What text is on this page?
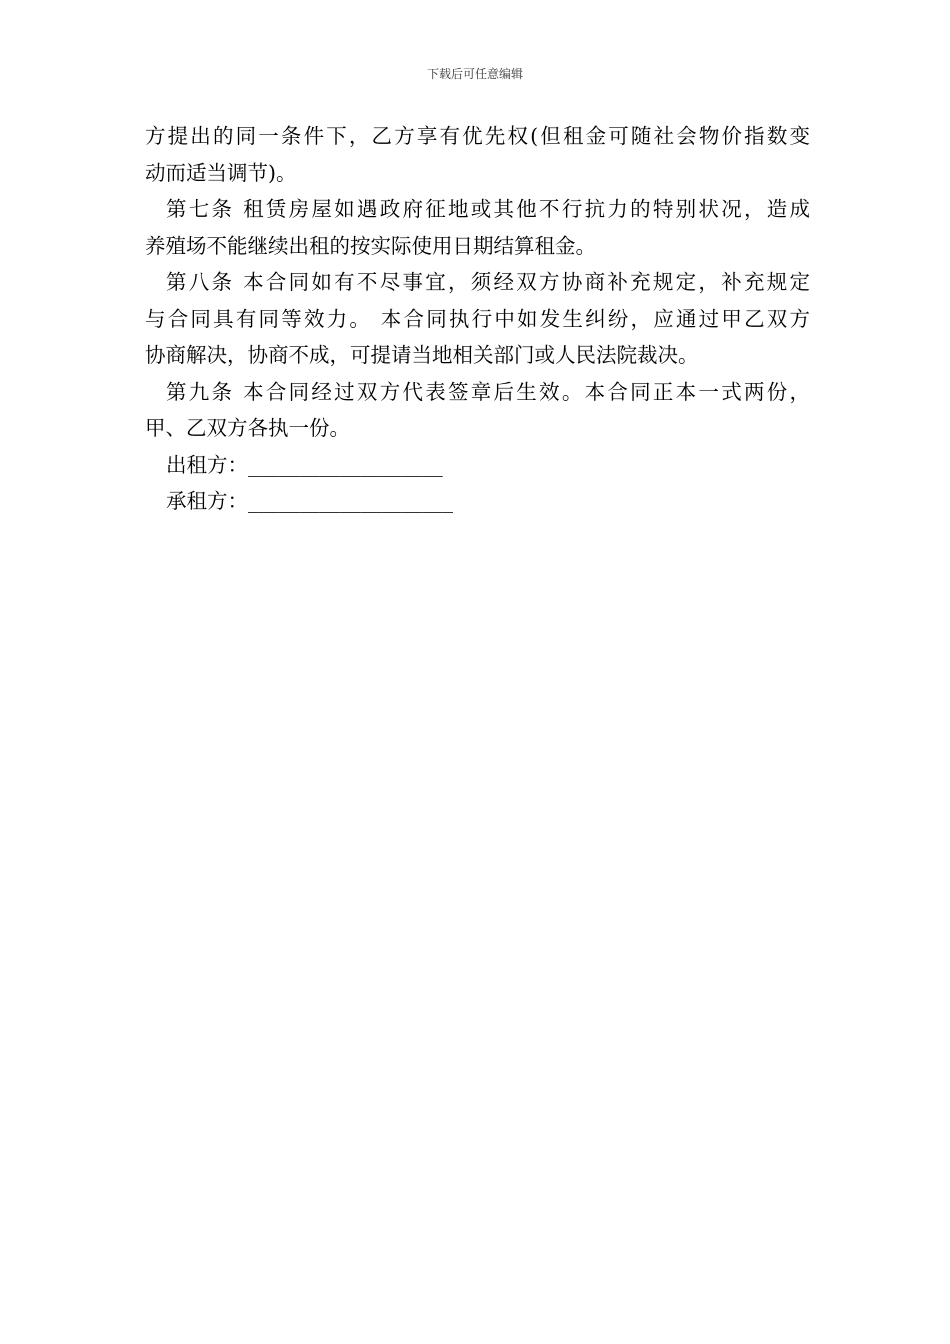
下载后可任意编辑
方提出的同一条件下，乙方享有优先权(但租金可随社会物价指数变
动而适当调节)。
第七条 租赁房屋如遇政府征地或其他不行抗力的特别状况，造成
养殖场不能继续出租的按实际使用日期结算租金。
第八条 本合同如有不尽事宜，须经双方协商补充规定，补充规定
与合同具有同等效力。 本合同执行中如发生纠纷，应通过甲乙双方
协商解决，协商不成，可提请当地相关部门或人民法院裁决。
第九条 本合同经过双方代表签章后生效。本合同正本一式两份，
甲、乙双方各执一份。
出租方：___________________
承租方：____________________
